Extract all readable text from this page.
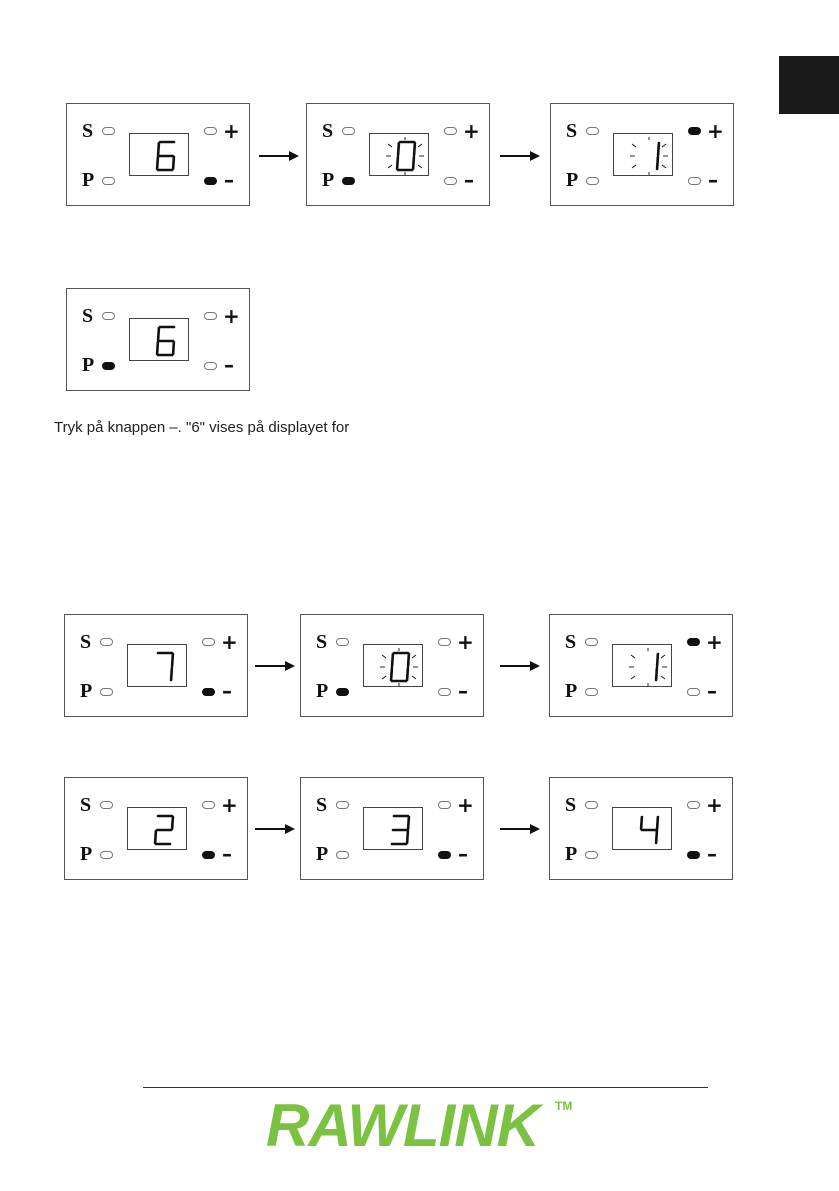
S
P
+
–
S
P
+
–
S
P
+
–
S
P
+
–
Tryk på knappen –. "6" vises på displayet for
S
P
+
–
S
P
+
–
S
P
+
–
S
P
+
–
S
P
+
–
S
P
+
–
RAWLINK	TM
